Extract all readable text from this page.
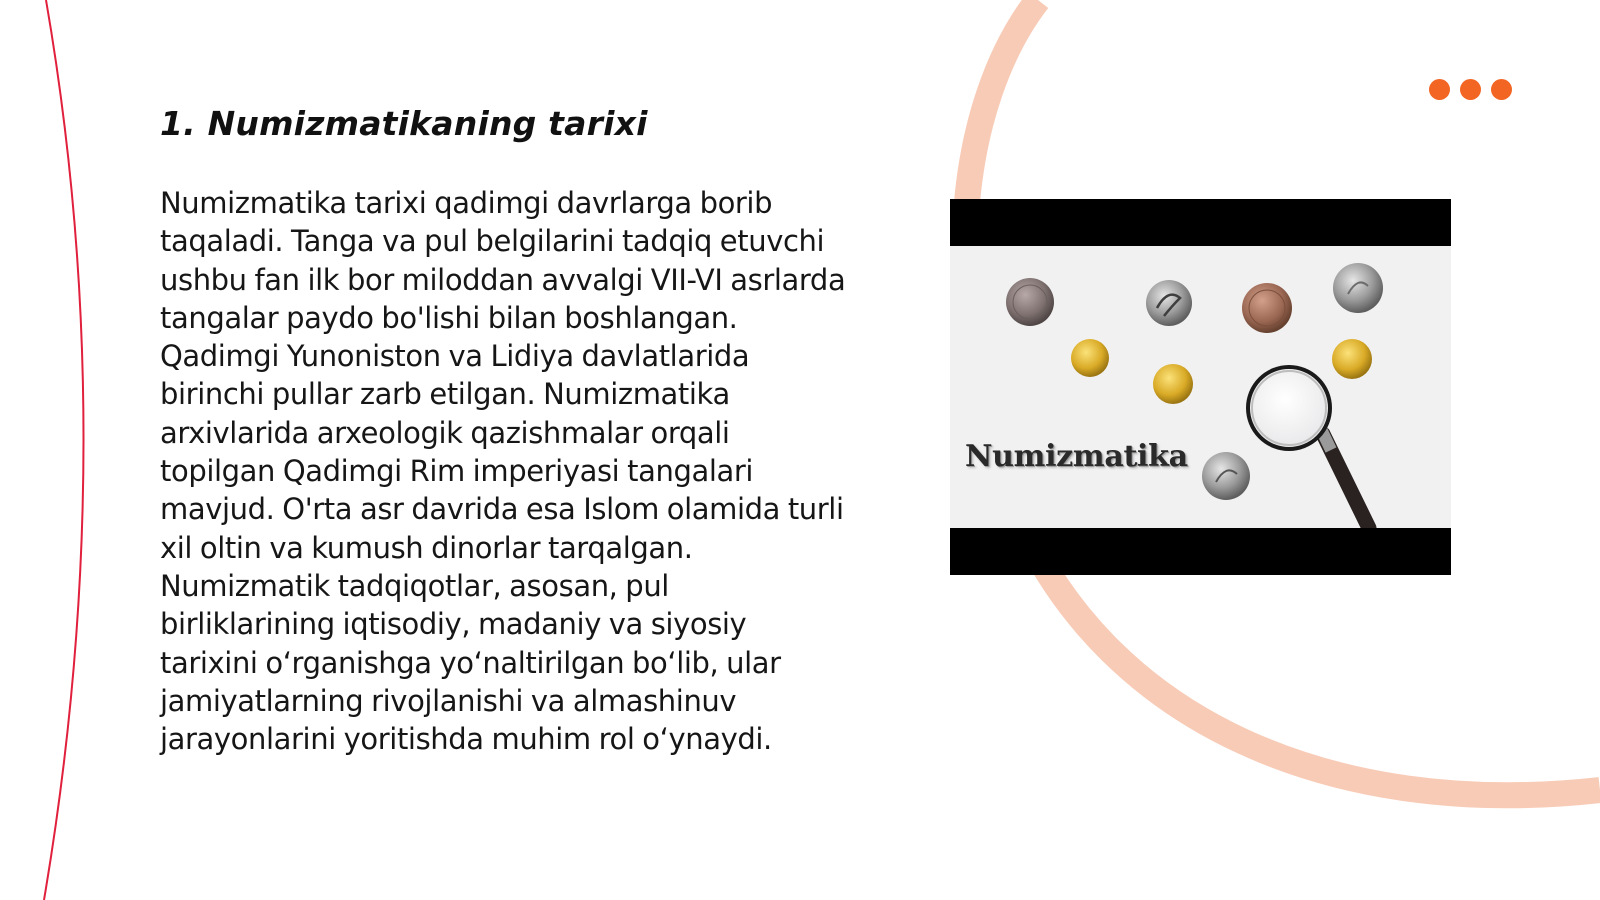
1. Numizmatikaning tarixi

Numizmatika tarixi qadimgi davrlarga borib taqaladi. Tanga va pul belgilarini tadqiq etuvchi ushbu fan ilk bor miloddan avvalgi VII-VI asrlarda tangalar paydo bo'lishi bilan boshlangan. Qadimgi Yunoniston va Lidiya davlatlarida birinchi pullar zarb etilgan. Numizmatika arxivlarida arxeologik qazishmalar orqali topilgan Qadimgi Rim imperiyasi tangalari mavjud. O'rta asr davrida esa Islom olamida turli xil oltin va kumush dinorlar tarqalgan. Numizmatik tadqiqotlar, asosan, pul birliklarining iqtisodiy, madaniy va siyosiy tarixini oʻrganishga yoʻnaltirilgan boʻlib, ular jamiyatlarning rivojlanishi va almashinuv jarayonlarini yoritishda muhim rol oʻynaydi.

Numizmatika
